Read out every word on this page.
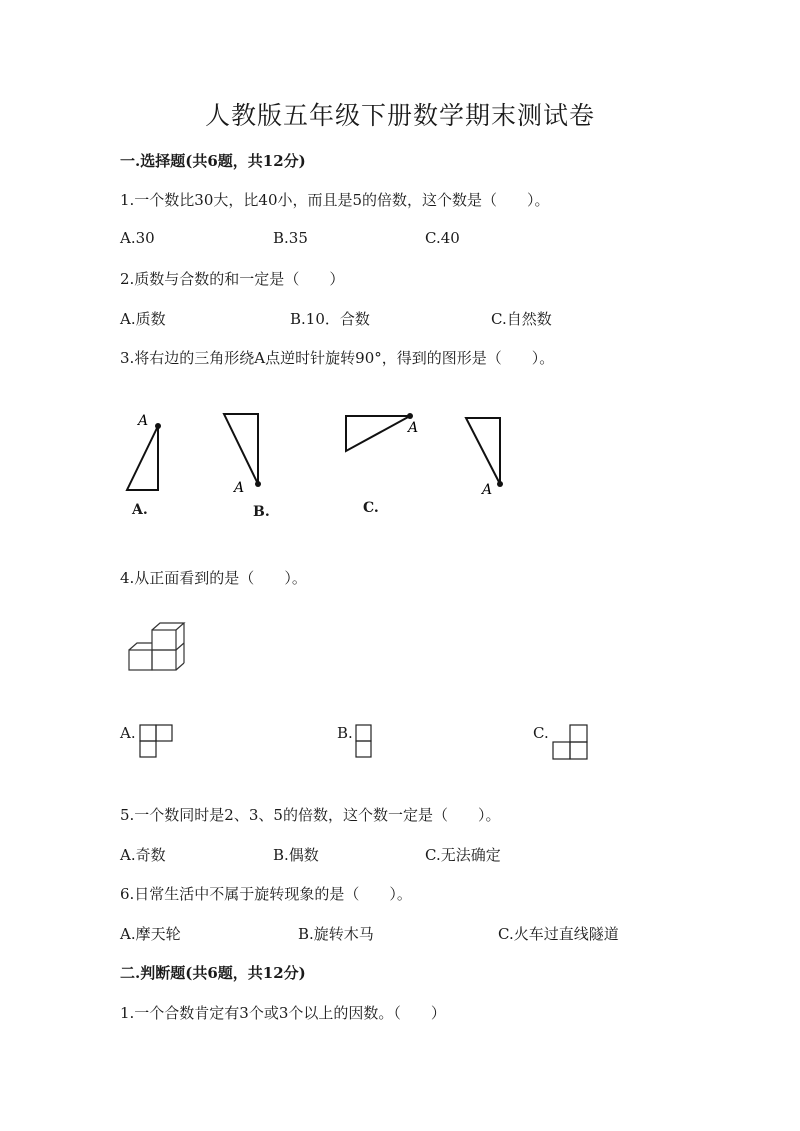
人教版五年级下册数学期末测试卷
一.选择题(共6题，共12分)
1.一个数比30大，比40小，而且是5的倍数，这个数是（　　）。
A.30	B.35	C.40
2.质数与合数的和一定是（　　）
A.质数	B.10．合数	C.自然数
3.将右边的三角形绕A点逆时针旋转90°，得到的图形是（　　）。
A
A.
A
B.
A
C.
A
4.从正面看到的是（　　）。
A.	B.	C.
5.一个数同时是2、3、5的倍数，这个数一定是（　　）。
A.奇数	B.偶数	C.无法确定
6.日常生活中不属于旋转现象的是（　　）。
A.摩天轮	B.旋转木马	C.火车过直线隧道
二.判断题(共6题，共12分)
1.一个合数肯定有3个或3个以上的因数。（　　）
